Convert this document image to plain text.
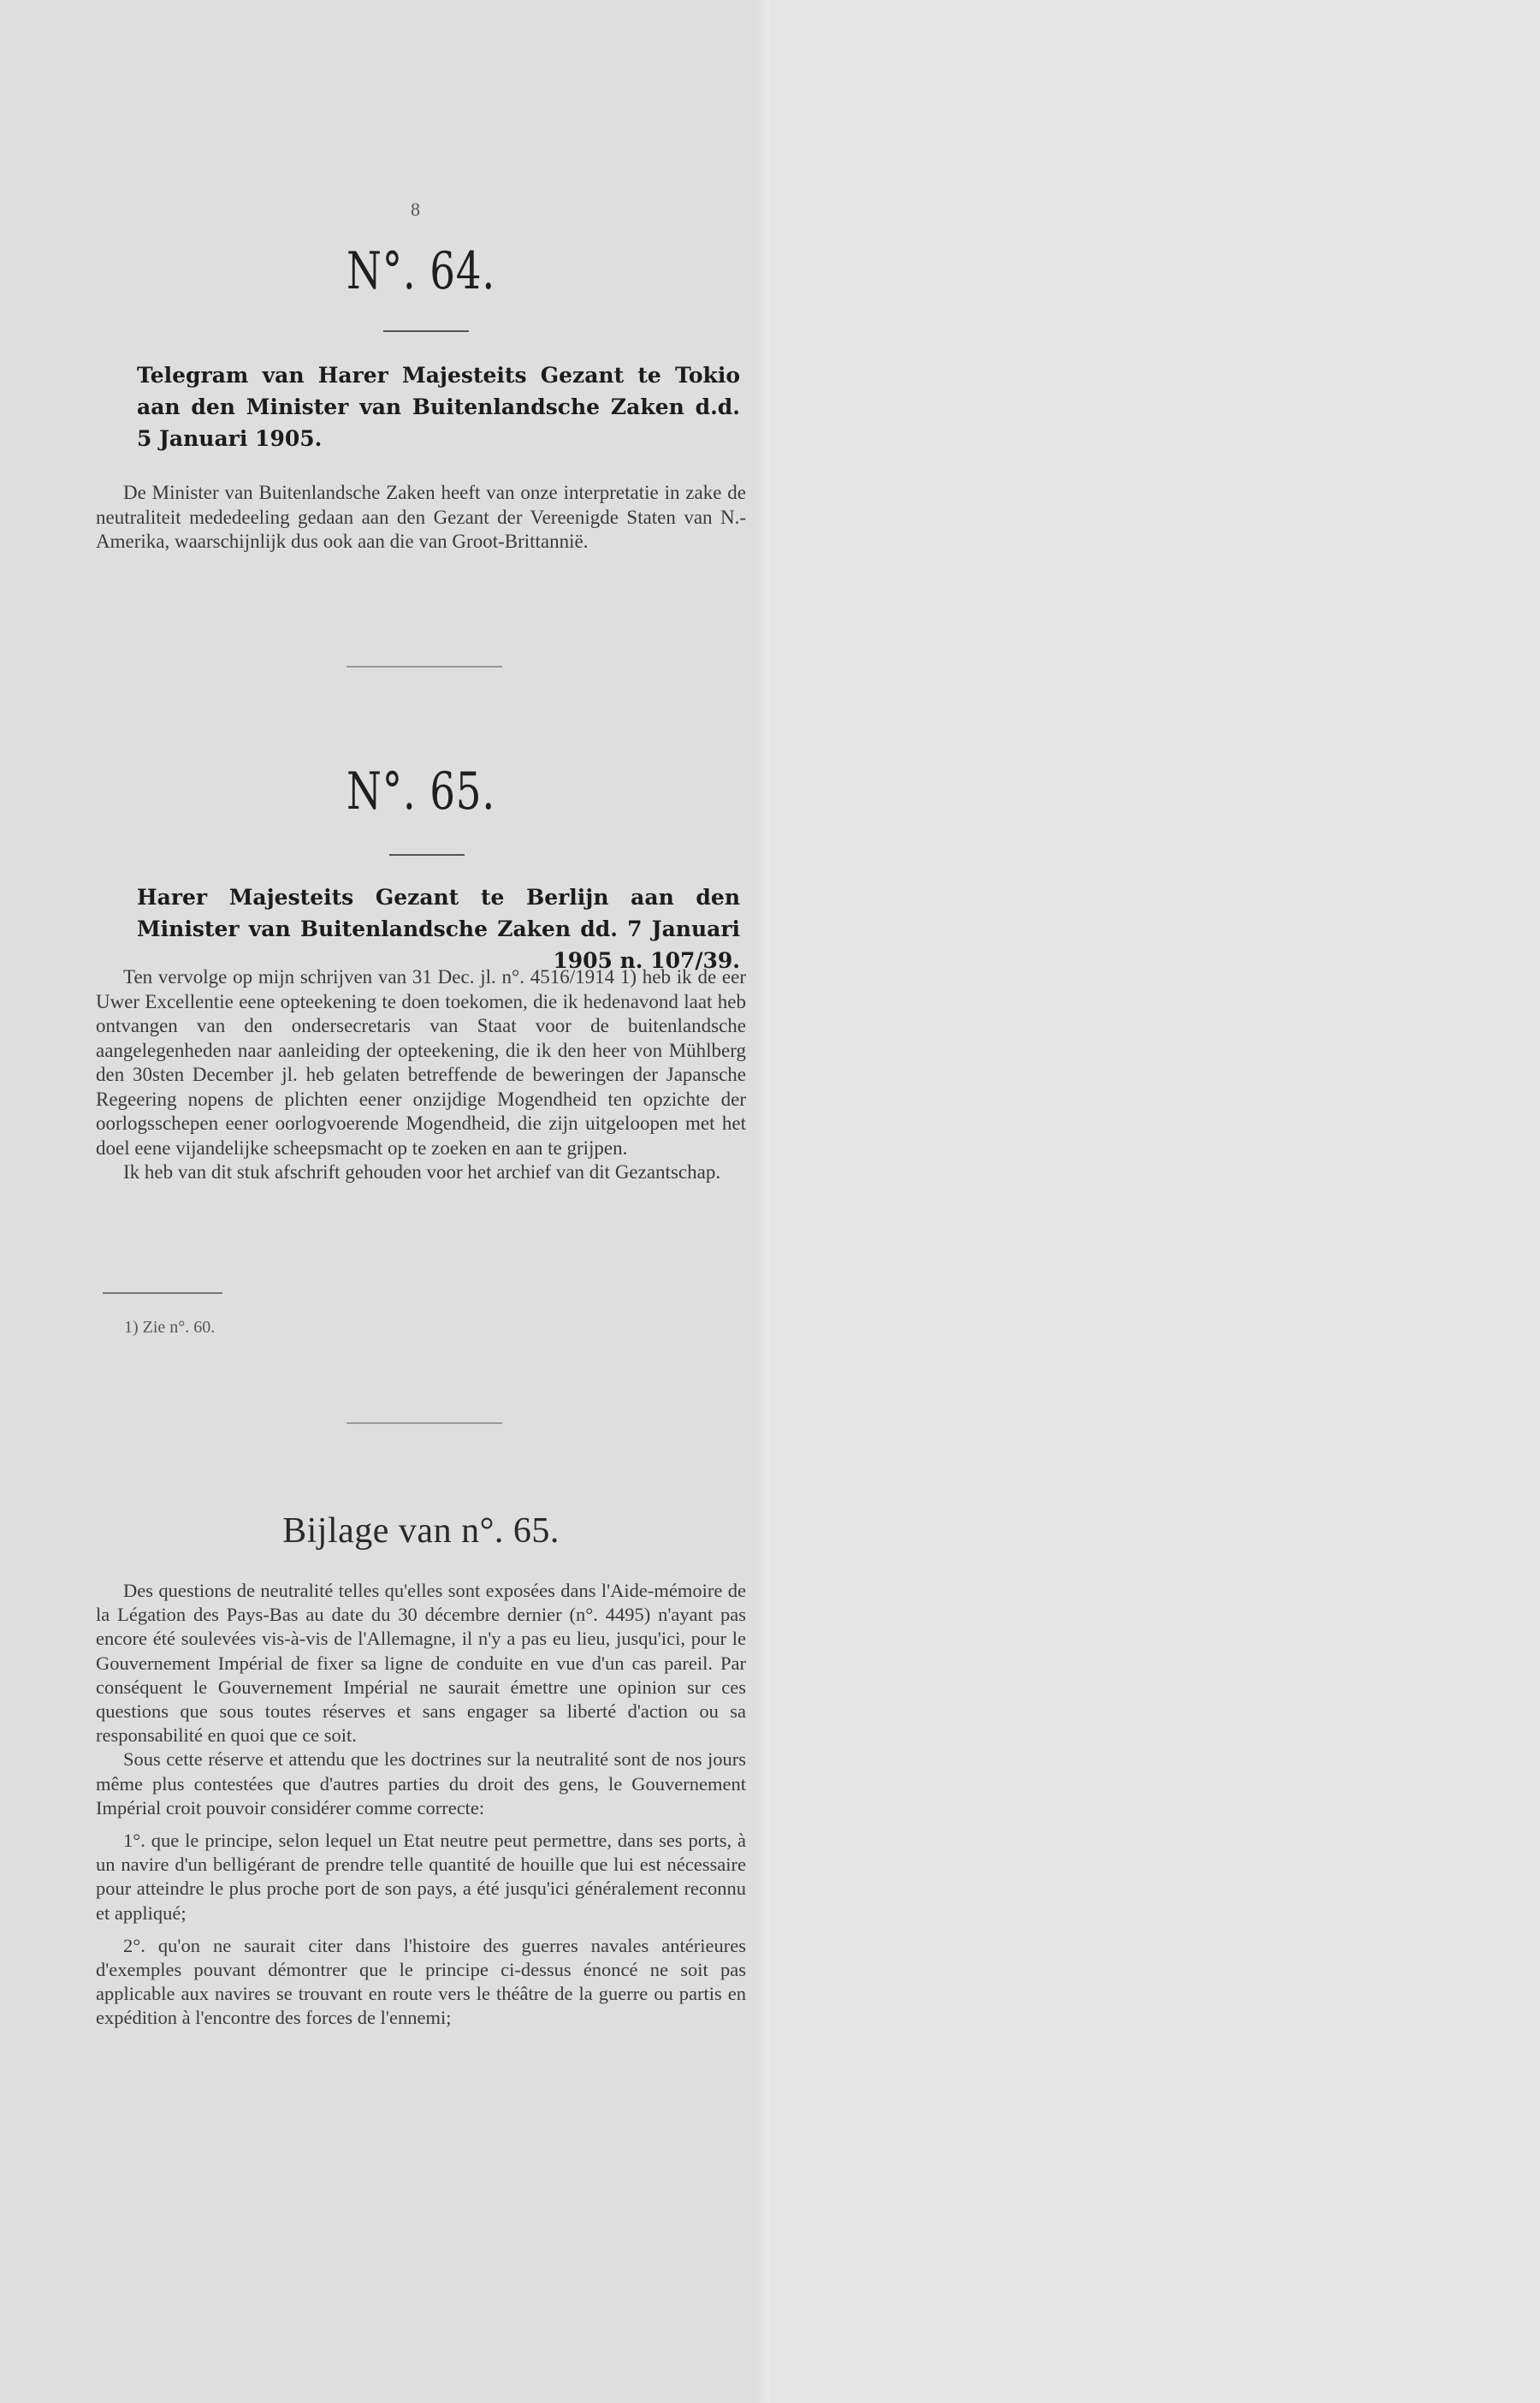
8
N°. 64.
Telegram van Harer Majesteits Gezant te Tokio aan den Minister van Buitenlandsche Zaken d.d. 5 Januari 1905.

De Minister van Buitenlandsche Zaken heeft van onze interpretatie in zake de neutraliteit mededeeling gedaan aan den Gezant der Vereenigde Staten van N.-Amerika, waarschijnlijk dus ook aan die van Groot-Brittannië.

N°. 65.
Harer Majesteits Gezant te Berlijn aan den Minister van Buitenlandsche Zaken dd. 7 Januari 1905 n. 107/39.

Ten vervolge op mijn schrijven van 31 Dec. jl. n°. 4516/1914 1) heb ik de eer Uwer Excellentie eene opteekening te doen toekomen, die ik hedenavond laat heb ontvangen van den ondersecretaris van Staat voor de buitenlandsche aangelegenheden naar aanleiding der opteekening, die ik den heer von Mühlberg den 30sten December jl. heb gelaten betreffende de beweringen der Japansche Regeering nopens de plichten eener onzijdige Mogendheid ten opzichte der oorlogsschepen eener oorlogvoerende Mogendheid, die zijn uitgeloopen met het doel eene vijandelijke scheepsmacht op te zoeken en aan te grijpen.

Ik heb van dit stuk afschrift gehouden voor het archief van dit Gezantschap.

1) Zie n°. 60.
Bijlage van n°. 65.

Des questions de neutralité telles qu'elles sont exposées dans l'Aide-mémoire de la Légation des Pays-Bas au date du 30 décembre dernier (n°. 4495) n'ayant pas encore été soulevées vis-à-vis de l'Allemagne, il n'y a pas eu lieu, jusqu'ici, pour le Gouvernement Impérial de fixer sa ligne de conduite en vue d'un cas pareil. Par conséquent le Gouvernement Impérial ne saurait émettre une opinion sur ces questions que sous toutes réserves et sans engager sa liberté d'action ou sa responsabilité en quoi que ce soit.

Sous cette réserve et attendu que les doctrines sur la neutralité sont de nos jours même plus contestées que d'autres parties du droit des gens, le Gouvernement Impérial croit pouvoir considérer comme correcte:

1°. que le principe, selon lequel un Etat neutre peut permettre, dans ses ports, à un navire d'un belligérant de prendre telle quantité de houille que lui est nécessaire pour atteindre le plus proche port de son pays, a été jusqu'ici généralement reconnu et appliqué;

2°. qu'on ne saurait citer dans l'histoire des guerres navales antérieures d'exemples pouvant démontrer que le principe ci-dessus énoncé ne soit pas applicable aux navires se trouvant en route vers le théâtre de la guerre ou partis en expédition à l'encontre des forces de l'ennemi;
